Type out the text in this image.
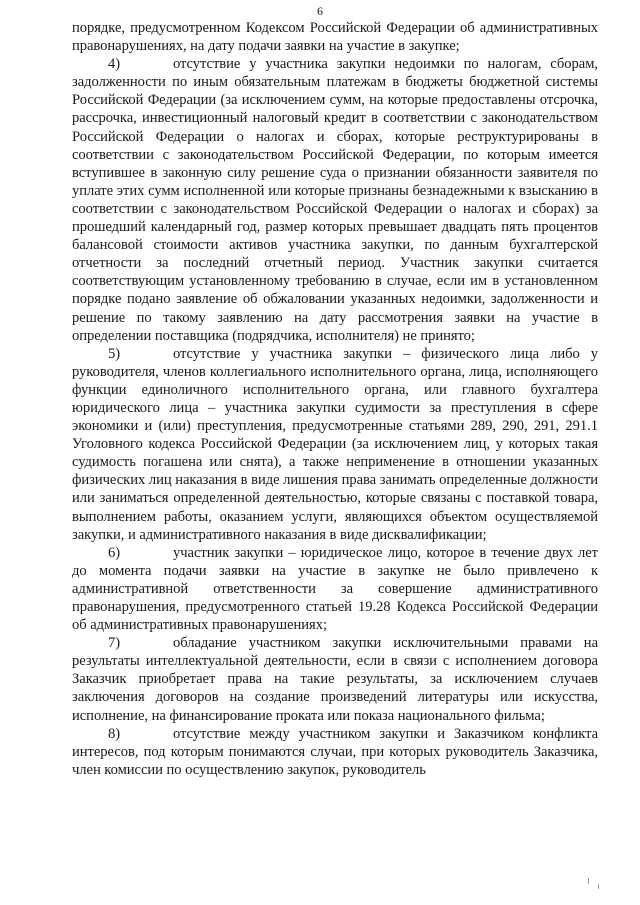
6

порядке, предусмотренном Кодексом Российской Федерации об административных правонарушениях, на дату подачи заявки на участие в закупке;

4)	отсутствие у участника закупки недоимки по налогам, сборам, задолженности по иным обязательным платежам в бюджеты бюджетной системы Российской Федерации (за исключением сумм, на которые предоставлены отсрочка, рассрочка, инвестиционный налоговый кредит в соответствии с законодательством Российской Федерации о налогах и сборах, которые реструктурированы в соответствии с законодательством Российской Федерации, по которым имеется вступившее в законную силу решение суда о признании обязанности заявителя по уплате этих сумм исполненной или которые признаны безнадежными к взысканию в соответствии с законодательством Российской Федерации о налогах и сборах) за прошедший календарный год, размер которых превышает двадцать пять процентов балансовой стоимости активов участника закупки, по данным бухгалтерской отчетности за последний отчетный период. Участник закупки считается соответствующим установленному требованию в случае, если им в установленном порядке подано заявление об обжаловании указанных недоимки, задолженности и решение по такому заявлению на дату рассмотрения заявки на участие в определении поставщика (подрядчика, исполнителя) не принято;

5)	отсутствие у участника закупки – физического лица либо у руководителя, членов коллегиального исполнительного органа, лица, исполняющего функции единоличного исполнительного органа, или главного бухгалтера юридического лица – участника закупки судимости за преступления в сфере экономики и (или) преступления, предусмотренные статьями 289, 290, 291, 291.1 Уголовного кодекса Российской Федерации (за исключением лиц, у которых такая судимость погашена или снята), а также неприменение в отношении указанных физических лиц наказания в виде лишения права занимать определенные должности или заниматься определенной деятельностью, которые связаны с поставкой товара, выполнением работы, оказанием услуги, являющихся объектом осуществляемой закупки, и административного наказания в виде дисквалификации;

6)	участник закупки – юридическое лицо, которое в течение двух лет до момента подачи заявки на участие в закупке не было привлечено к административной ответственности за совершение административного правонарушения, предусмотренного статьей 19.28 Кодекса Российской Федерации об административных правонарушениях;

7)	обладание участником закупки исключительными правами на результаты интеллектуальной деятельности, если в связи с исполнением договора Заказчик приобретает права на такие результаты, за исключением случаев заключения договоров на создание произведений литературы или искусства, исполнение, на финансирование проката или показа национального фильма;

8)	отсутствие между участником закупки и Заказчиком конфликта интересов, под которым понимаются случаи, при которых руководитель Заказчика, член комиссии по осуществлению закупок, руководитель
